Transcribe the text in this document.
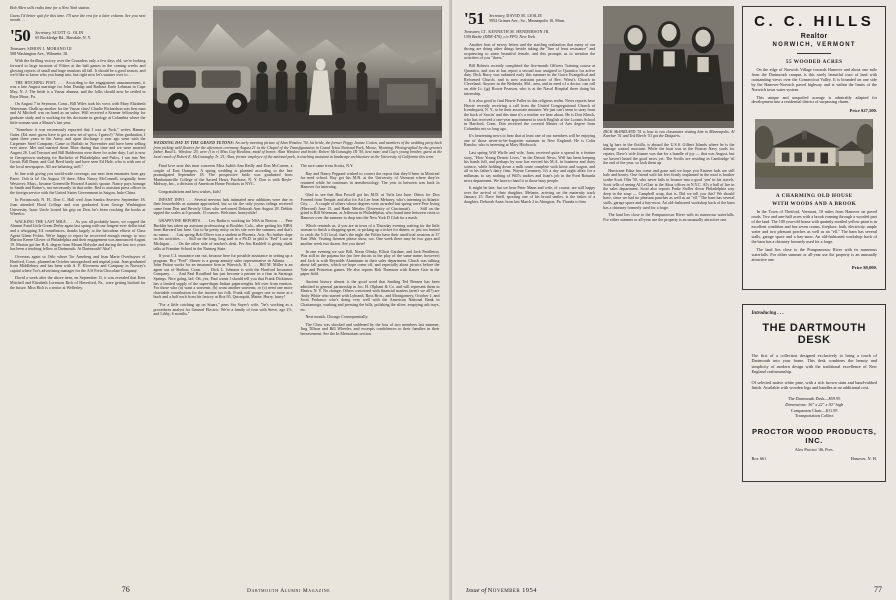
Bob Allen sells radio time for a New York station.

Guess I'd better quit for this time. I'll save the rest for a later column. See you next month. . . .

'50 Secretary, SCOTT G. OLIN
65 Rockledge Rd., Harsdale, N. Y.
Treasurer, SIMON J. MORANO III
508 Washington Ave., Wilmette, Ill.

With the thrilling victory over the Crusaders only a few days old, we're looking forward to large turnouts of Fifties at the ball games in the coming weeks and glowing reports of small and large reunions all fall. It should be a good season, and we'd like to know who you bump into, but right now let's saunter over to. . . .

THE HITCHING POST. . . . According to the engagement announcement, it was a late August marriage for John Dunlap and Barbara Earle Lehman in Cape May, N. J. The bride is a Vassar alumna, and the folks should now be settled in Bryn Mawr, Pa.

On August 7 in Seymour, Conn., Bill Wiles took his vows with Mary Elizabeth Waterman. Chalk up another for the Vassar class! Charlie Richardson was best man and Al Mitchell was on hand as an usher. Will received a Kramer fellowship for graduate study and is working for his doctorate in geology at Columbia where the little woman won a Master's last year.

"Somehow it was erroneously reported that I was at Tuck," writes Hammy Gates. (Ed. note: guess have to get a new set of specs, I guess!) "After graduation, I spent three years in the Army, and upon discharge a year ago went with the Carpenter Steel Company. Came to Buffalo in November and have been selling ever since. Met and married Anne Tibor during that time and we were married August 20. Lud Travarzi and Bill Balderston were there for usher duty. Lud is now in Georgetown studying for Bachelor of Philadelphia and Psilos, I ran into Net Gwatt, Bill Dunn, and Carl Reed lately and have seen Ed Hale, who is with one of the local newspapers. All are behaving well."

In line with giving you world-wide coverage, our next item emanates from gay Paree. Ooh la la! On August 19 there, Miss Nancy McConnell, originally from Westover, Mass., became Greenville Howard Austin's spouse. Nancy pays homage to Smith and Raiser's, not necessarily in that order. Red is assistant press officer in the foreign service with the United States Government in Saigon, Indo-China.

In Portsmouth, N. H., Don C. Hall wed Joan Sandra Seaview September 18. Joan attended Hood College and was graduated from George Washington University. Isaac Uncle loosed his grip on Don, he's been cracking the books at Wheeloc.

WALKING THE LAST MILE. . . . As you all probably know, we copped the Alumni Fund Little Green Derby again last spring with our longest-ever dollar total and a whopping 3/4 contributors, thanks largely to the herculean efforts of Class Agent Glenn Fickin. We're happy to report he recovered enough energy to woo Marion Keene Glover of Philadelphia and their engagement was announced August 19. Marion got her B.A. degree from Mount Holyoke and during the last two years has been a teaching fellow at Dartmouth. At Dartmouth? Aha!!

Overseas again so Oslo where Tor Arneberg and Jean Marie Overhuyser of Hartford, Conn., planned an October smorgasbord and nuptial joust. Jean graduated from Middlebury and has been with A. F. Klovrness and Company in Norway's capital where Tor's advertising manager for the A/S Freia Chocolate Company.

David a week after the above item, on September 11, it was revealed that Kent Mitchell and Elizabeth Lorenson Rich of Haverford, Pa., were getting hitched for the future. Miss Rich is a senior at Wellesley.

WEDDING DAY IN THE GRAND TETONS: An early morning picture of Alan Winslow '50, his bride, the former Peggy Jeanne Cotton, and members of the wedding party back from picking wild flowers for the afternoon ceremony August 21 in the Chapel of the Transfiguration in Grand Teton National Park, Moose, Wyoming. Photographed by the groom's father, Basil L. Winslow '20, were (l to r) Miss Gay Hawkins, maid of honor; Alan Winslow and bride; Robert McConaughy III '50, best man; and Gay's young brother, guest at the local ranch of Robert E. McConaughy Jr. '21; Alan, former employee of the national park, is teaching assistant in landscape architecture at the University of California this term.

Final love note this time concerns Miss Judith Ann Reilly and Don McCarren, a couple of East Orangers. A spring wedding is planned according to the late promulgated September 18. The prospective bride was graduated from Manhattanville College of the Sacred Heart, Purchase, N. Y. Don is with Boyle-Midway, Inc., a division of American Home Products in NYC.

Congratulations and best wishes, kids!

INFANT INFO. . . . Several nervous lads intimated new additions were due in their households as autumn approached, but so far the only joyous tidings received came from Don and Beverly Glass who welcomed Deborah Ann August 28. Debbie sipped the scales at 6 pounds, 15 ounces. Welcome, honeychile!

GRAPEVINE REPORTS. . . . Lex Radin is working for NSA in Boston. . . . Pete Bucklin has taken up assistant professoring at Boulder, Colo., after getting his MBA from Harvard last June. Got to be pretty noisy on his site over the summer, and that's no rumor. . . . Last spring Bob Oliver was a student in Phoenix, Ariz. No further dope on his activities. . . . Still on the long, long trail to a Ph.D. in phil is "Eed" Luce at Michigan. . . . On the other side of teacher's desk, Per Jim Rashleff is giving chalk talks at Framber School in the Nutmeg State.

If your C.I. insurance ran out, because here for possible assistance in setting up a program. Bro "Fred" Shaver is a group annuity sales representative in Atlanta. . . . John Patton works for an insurance firm in Warwick, R. I. . . . Bill M. Miller is an agent out of Shelton, Conn. . . . Dick L. Johnson is with the Hartford Insurance Company. . . . And Paul Rouillard has just become a partner in a firm in Saratoga Springs. Nice going, lad. Oh, yes, Paul wants I should tell you that Frank Dickinson has a limited supply of the super-duper Indian paperweights left over from reunion. For those who (a) want a souvenir, (b) wont another souvenir, or (c) need one more charitable contribution for the income tax folk, Frank will gouger one or more at a buck and a half each from his factory at Box 65, Quonquitt, Maine. Hurry, hurry!

"For a little catching up on Stuart," pens Stu Sayer's wife, "he's working as a procedures analyst for General Electric. We're a family of four with Steve, age 2½, and Libby, 6 months."

The race came from Scotia, N.Y.

Ray and Nancy Peppard wished to correct the report that they'd been in Mon'real for med school. Ray got his M.B. at the University of Vermont where they've returned while he continues in anesthesiology. The year in between was back in Hanover for interning.

Glad to see that Ben Powell got his M.D. at Tufts last June. Dittos for Don Forrend from Temple, and also for Art Lee from Meharry, who's interning in Atlantic City. . . . A couple of others whose degrees were awarded last spring were Pete Irving (Harvard) June 15, and Hank Metzler (University of Cincinnati). . . . Still on the grind is Bill Wriesman, at Jefferson in Philadelphia, who found time between visits to Hanover over the summer to drop into the New York D Club for a mash.

Which reminds us, if you are in town of a Thursday evening waiting for the little woman to finish a shopping spree, or picking up a ticket for dinner, or just too busted to catch the 5:31 local, that's the night the Fifties have their unofficial sessions at 37 East 39th. Visiting firemen please show, too. One week there may be two guys and another week two dozen. See you there!

In one evening we saw Bill, Norm Olinky, Elliott Gardner, and Jack Pendleton. Was still in the pajama biz (no free ducats to the play of the same name, however) and Jack is with Reynolds Aluminum in their sales department. Chuck was talking about fall parties, which we hope come off, and especially about picnics before the Yale and Princeton games. He also reports Bob Thomson with Kaiser Gair in the paper field.

Ancient history almost is the good word that Smiling Ted Bensen has been admitted to general partnership in Jos. H. Olphant & Co. and will represent them in Elmira, N. Y. No change, Others concerned with financial matters (aren't we all?) are Andy White who started with Lybrand, Ross Bros., and Montgomery, October 1, and Scott Probasco who's doing very well with the American National Bank in Chattanooga, washing and pressing the bills, polishing the silver, emptying ash trays, etc.

Next month, Chicago Consequentially.

The Class was shocked and saddened by the loss of two members last summer, Jing Tillson and Bill Wheeler, and excerpts condolences to their families in their bereavement. See the In Memoriam section.

76	Dartmouth Alumni Magazine
'51 Secretary, DAVID M. LESLIE
5952 Grimes Ave., So., Minneapolis 10, Minn.
Treasurer, LT. KENNETH M. HENDERSON JR.
USS Bache (DDE-470), c/o FPO, New York

Another host of newsy letters and the startling realization that many of our throng are doing other things beside taking the "line of least resistance" and acquiescing to some beautiful female, and this prompts us to mention the activities of you "doers."

Bill Roberts recently completed the five-month Officers Training course at Quantico, and was at last report a second tour assigned to Quantico for active duty. Dick Burry was ordained early this summer in the Grace Evangelical and Reformed Church, and is now assistant pastor of Rev. Wiest's Church in Cleveland. Anyone in the Bethesda, Md., area, and in need of a doctor, can call on able Lt. (jg) Howie Pearson, who is at the Naval Hospital there doing his internship.

It is also good to find Howie Fuller in this religious realm. News reports have Howie recently receiving a call from the United Congregational Church of Irondequoit, N. Y., to be their associate minister. We just can't seem to stray from the back of Sarcin' and this time it's a teacher we hear about. He is Don Klinck, who has received a one-year appointment to teach English at the Loomis School in Hartford, Conn. Don received the coveted Master of Arts degree from Columbia not so long ago.

It's heartening news to hear that at least one of our members will be enjoying one of those never-to-be-forgotten autumns in New England. He is Colin Rancho, who is interning at Mary Hitchcock.

Last spring Will Wirfle and wife, Joan, received quite a spread in a feature story, "How Young Detroit Lives," in the Detroit News. Will has been keeping his hands full, and perhaps by now has erected his M.A. in business and dairy science, while holding down a milk route complete with horse and wagon, and all in his father's dairy firm, Wayne Creamery. It's a day and night affair for a milkman, to say nothing of Will's studies and Joan's job in the Ford Rotunda news department. We have to hand it to those busy people.

It might be late, but we hear Peter Mann and wife, of course, are still happy over the arrival of their daughter, Melanie, arriving on the maternity track January 25. Dave Snell, sporting one of his broad smiles, is the father of a daughter, Deborah Anne, born last March 2 in Abington, Pa. Thanks to him

DICK McFARLAND '51 is host to two classmates visiting him in Minneapolis. Al Karcher '51 and Ted Eberle '51 got the Daiquiris.

ing lg bars in the flotilla, is aboard the U.S.S. Gilbert Islands where he is the damage control assistant. While the boat was in the Boston Navy yards for repairs, Dave's wife Joanne was due for a bundle of joy — that was August, but we haven't heard the good news yet. The Swifts are residing in Cambridge 'til the end of the year, so look them up.

Hurricane Edna has come and gone and we hope you Eastern lads are still hale and hearty. One friend with his feet firmly implanted in the mud is brother scribe Scott Olin '50, who never fails to bounce into a good 'yen' in his travels. Scott tells of seeing Al LeClair at the Akoa offices in N.Y.C. Al's a ball of fire in the sales department, Scott also reports Parke Stoller down Philadelphia way deep in the soup — Campbell soup, that is. Did we tell you this? We should have, since we had no pleasant punches as well as an "ell." The barn has several stalls, garage space and a hay-mow. An old-fashioned workshop back of the barn has a chimney formerly used for a forge.

The land lies close to the Pompanoosuc River with its numerous waterfalls. For either summer or all-year use the property is an unusually attractive one.

C. C. HILLS
Realtor
NORWICH, VERMONT
55 WOODED ACRES

On the edge of Norwich Village towards Hanover and about one mile from the Dartmouth campus is this rarely beautiful tract of land with outstanding views over the Connecticut Valley. It is bounded on one side by the Hanover-Norwich paved highway and is within the limits of the Norwich town water system.

This unique and unspoiled acreage is admirably adapted for development into a residential district of surpassing charm.

Price $27,500.
A CHARMING OLD HOUSE
WITH WOODS AND A BROOK

In the Town of Thetford, Vermont, 10 miles from Hanover on paved roads. Two and one-half acres with a brook running through a wooded part of the land. The 100 year-old house with quaintly mottled yellow paint is in excellent condition and has seven rooms, fireplace, bath, electricity, ample water and two pleasant porches as well as an "ell." The barn has several stalls, garage space and a hay-mow. An old-fashioned workshop back of the barn has a chimney formerly used for a forge.

The land lies close to the Pompanoosuc River with its numerous waterfalls. For either summer or all-year use the property is an unusually attractive one.

Price $8,000.
Introducing . . .
THE DARTMOUTH DESK

The first of a collection designed exclusively to bring a touch of Dartmouth into your home. This desk combines the beauty and simplicity of modern design with the traditional excellence of New England craftsmanship.

Of selected native white pine, with a rich brown stain and hand-rubbed finish. Available with wooden legs and handles at no additional cost.

The Dartmouth Desk—$59.95
Dimensions: 36" x 22" x 30" high
Companion Chair—$11.95
Transportation Collect
PROCTOR WOOD PRODUCTS, INC.
Alex Proctor '46, Pres.
Box 661	Hanover, N. H.
Issue of November 1954	77
